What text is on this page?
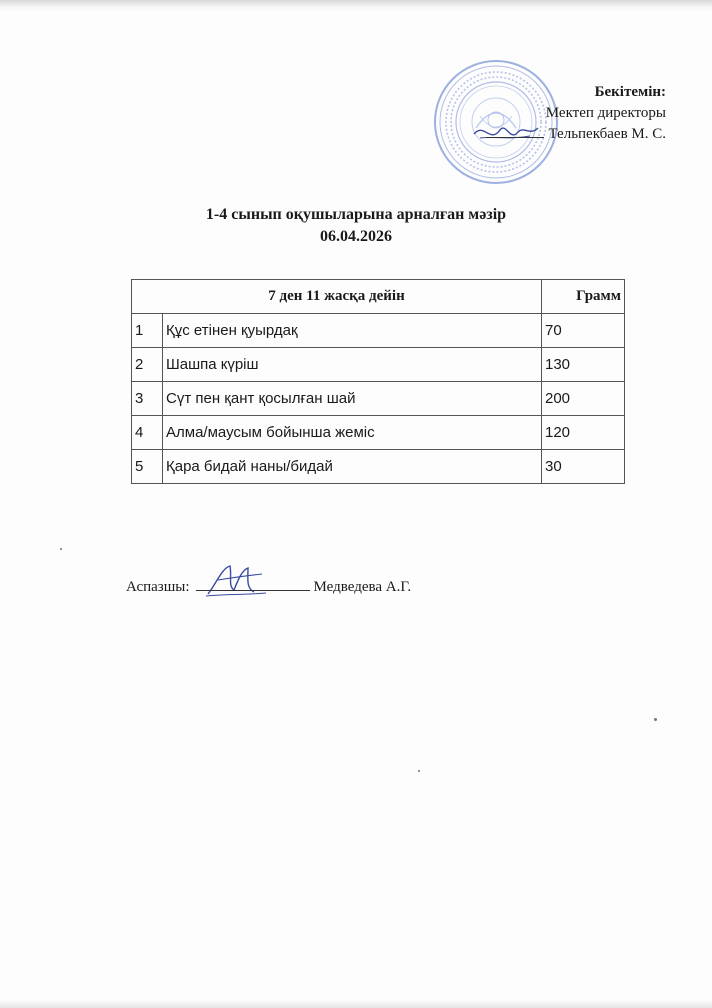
Бекітемін:
Мектеп директоры
Тельпекбаев М. С.
1-4 сынып оқушыларына арналған мәзір
06.04.2026
7 ден 11 жасқа дейін		Грамм
1	Құс етінен қуырдақ	70
2	Шашпа күріш	130
3	Сүт пен қант қосылған шай	200
4	Алма/маусым бойынша жеміс	120
5	Қара бидай наны/бидай	30
Аспазшы:	Медведева А.Г.
